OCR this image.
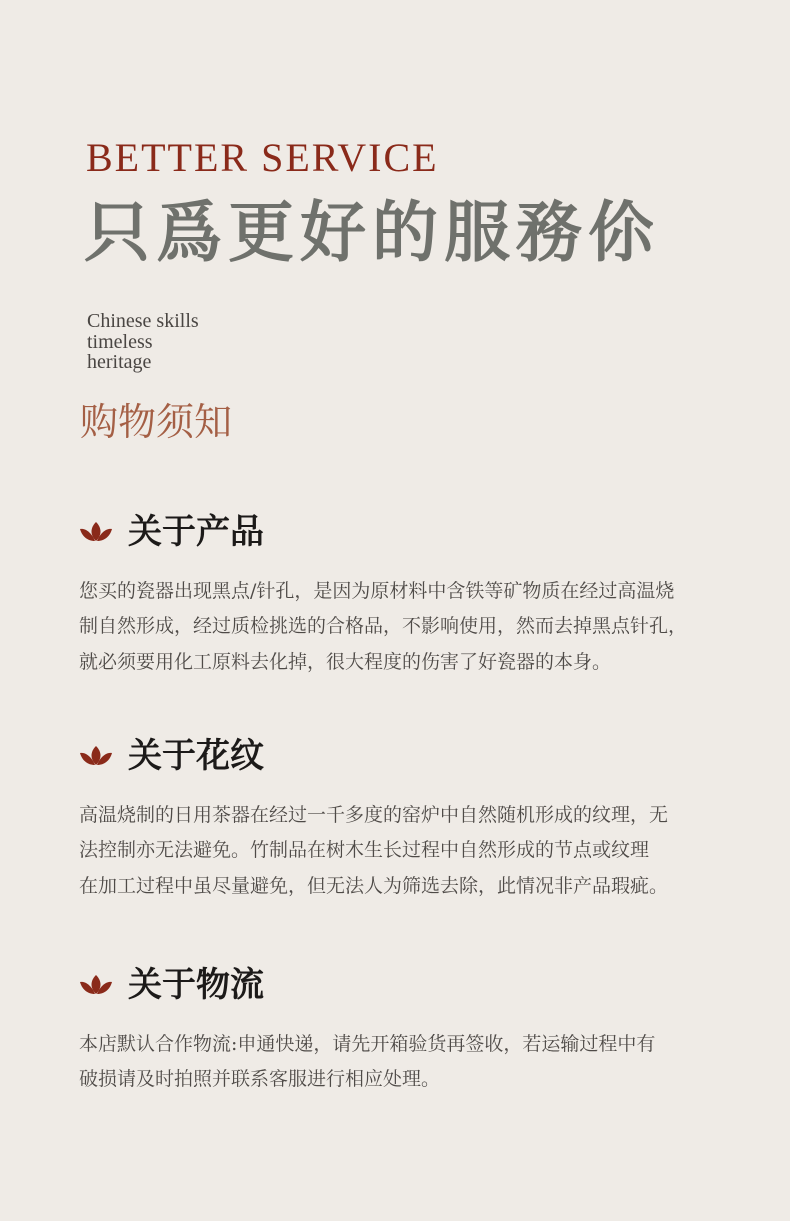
BETTER SERVICE
只爲更好的服務伱
Chinese skills
timeless
heritage
购物须知
关于产品
您买的瓷器出现黑点/针孔，是因为原材料中含铁等矿物质在经过高温烧
制自然形成，经过质检挑选的合格品，不影响使用，然而去掉黑点针孔，
就必须要用化工原料去化掉，很大程度的伤害了好瓷器的本身。
关于花纹
高温烧制的日用茶器在经过一千多度的窑炉中自然随机形成的纹理，无
法控制亦无法避免。竹制品在树木生长过程中自然形成的节点或纹理
在加工过程中虽尽量避免，但无法人为筛选去除，此情况非产品瑕疵。
关于物流
本店默认合作物流:申通快递，请先开箱验货再签收，若运输过程中有
破损请及时拍照并联系客服进行相应处理。
